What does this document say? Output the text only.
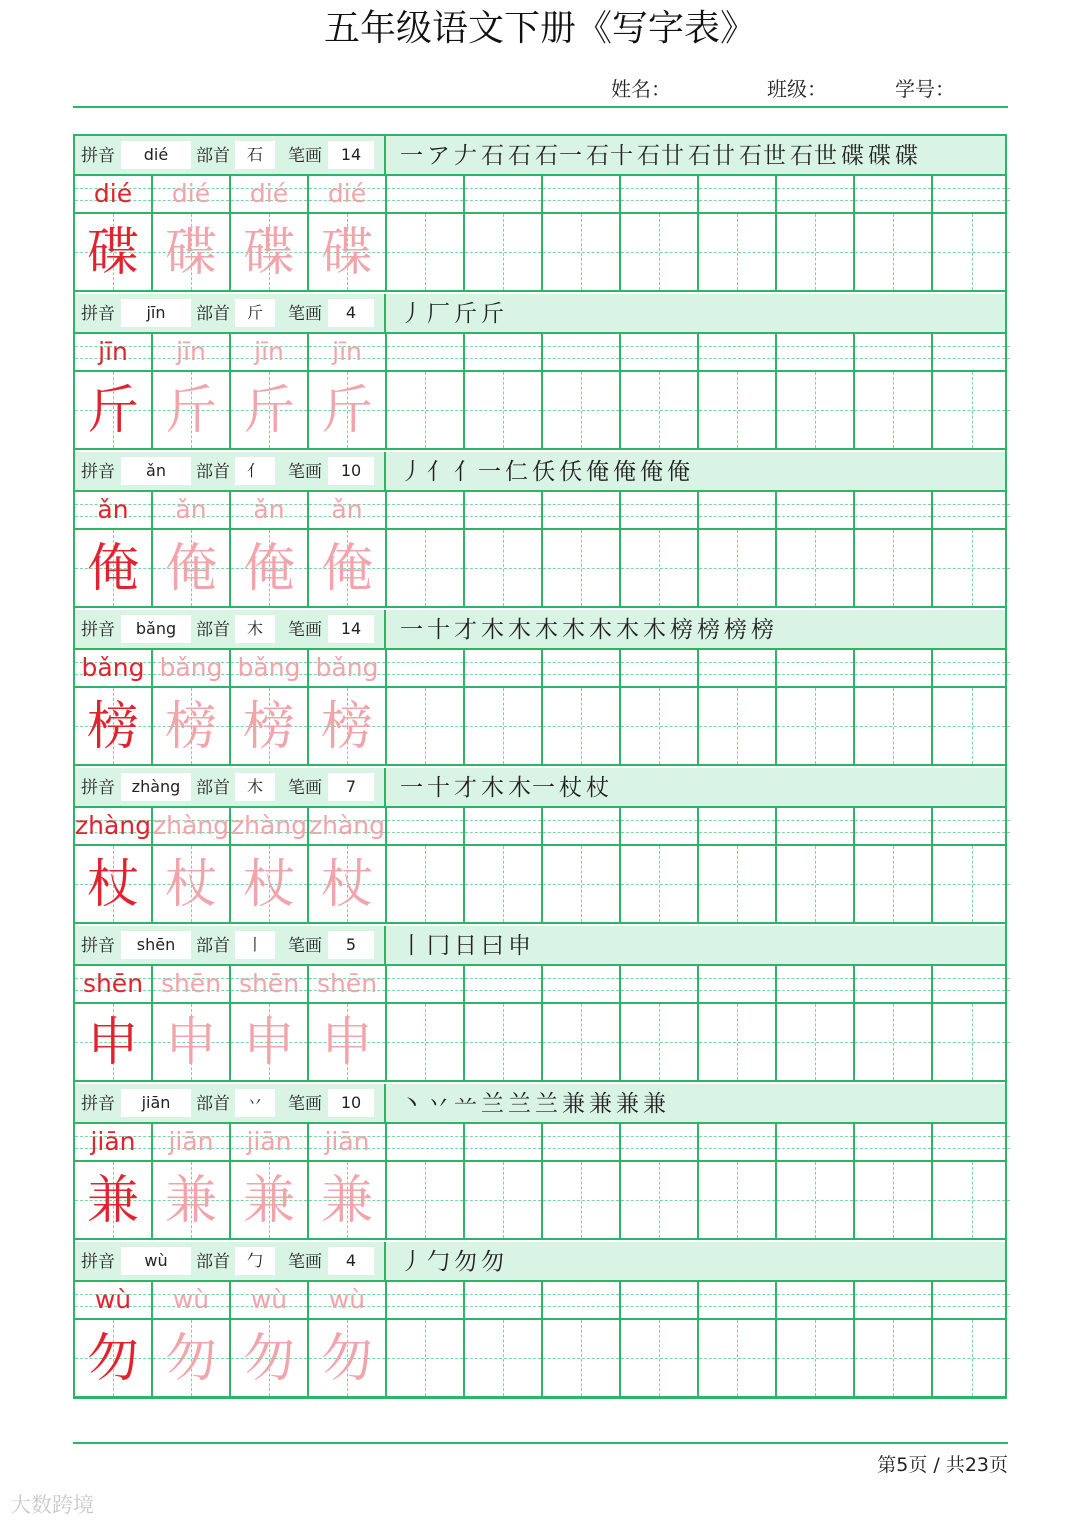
五年级语文下册《写字表》
姓名：	班级：	学号：
拼音	dié	部首	石	笔画	14	一 ア 𠂇 石 石 石一 石十 石廿 石廿 石世 石世 碟 碟 碟
dié	dié	dié	dié
碟 碟 碟 碟
拼音	jīn	部首	斤	笔画	4	丿 厂 斤 斤
jīn	jīn	jīn	jīn
斤 斤 斤 斤
拼音	ǎn	部首	亻	笔画	10	丿 亻 亻一 仁 仸 仸 俺 俺 俺 俺
ǎn	ǎn	ǎn	ǎn
俺 俺 俺 俺
拼音	bǎng	部首	木	笔画	14	一 十 才 木 木 木 木 木 木 木 榜 榜 榜 榜
bǎng bǎng bǎng bǎng
榜 榜 榜 榜
拼音	zhàng 部首	木	笔画	7	一 十 才 木 木一 杖 杖
zhàng zhàng zhàng zhàng
杖 杖 杖 杖
拼音	shēn	部首	丨	笔画	5	丨 冂 日 曰 申
shēn shēn shēn shēn
申 申 申 申
拼音	jiān	部首	丷	笔画	10	丶 丷 䒑 兰 兰 兰 兼 兼 兼 兼
jiān	jiān	jiān	jiān
兼 兼 兼 兼
拼音	wù	部首	勹	笔画	4	丿 勹 勿 勿
wù	wù	wù	wù
勿 勿 勿 勿
第5页 / 共23页
大数跨境
